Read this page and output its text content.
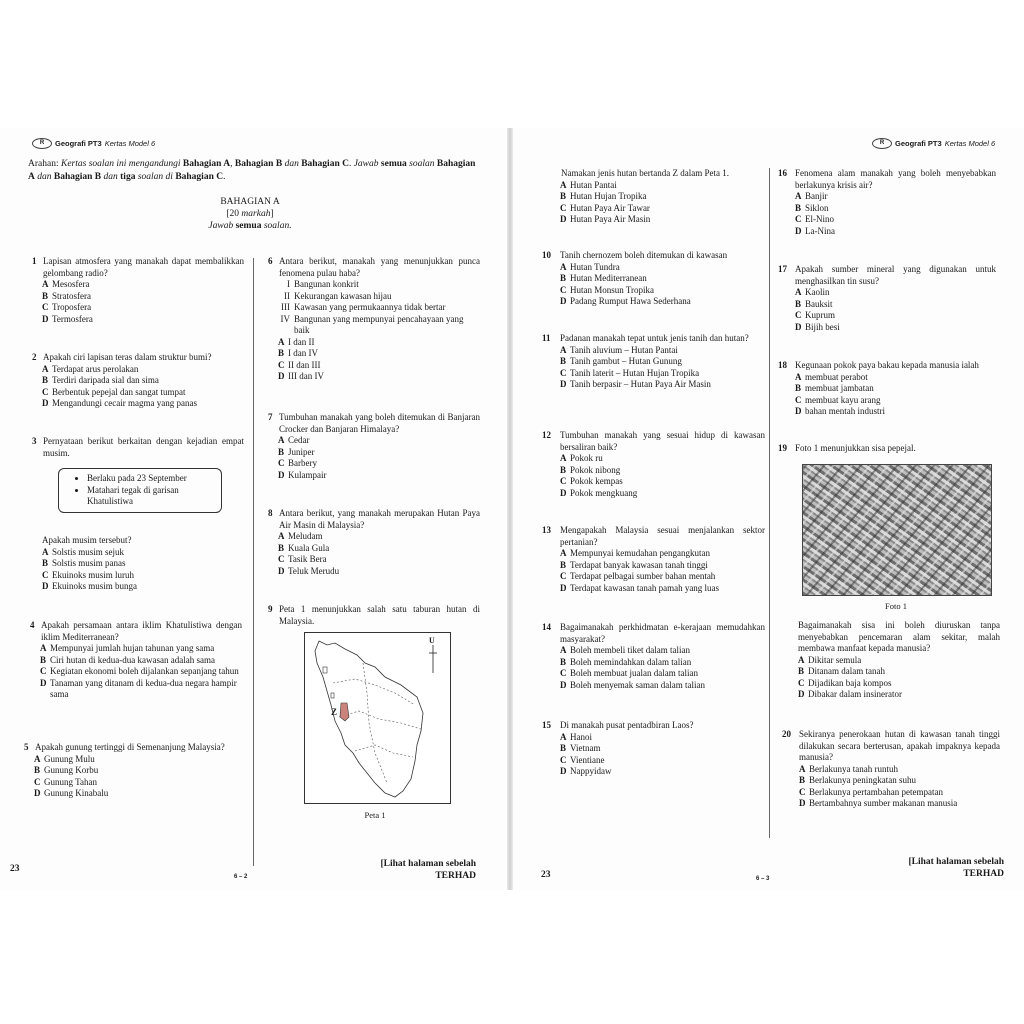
R	Geografi PT3 Kertas Model 6	R	Geografi PT3 Kertas Model 6
Arahan: Kertas soalan ini mengandungi Bahagian A, Bahagian B dan Bahagian C. Jawab semua soalan Bahagian A dan Bahagian B dan tiga soalan di Bahagian C.
BAHAGIAN A
[20 markah]
Jawab semua soalan.
1 Lapisan atmosfera yang manakah dapat membalikkan gelombang radio?
A Mesosfera
B Stratosfera
C Troposfera
D Termosfera
2 Apakah ciri lapisan teras dalam struktur bumi?
A Terdapat arus perolakan
B Terdiri daripada sial dan sima
C Berbentuk pepejal dan sangat tumpat
D Mengandungi cecair magma yang panas
3 Pernyataan berikut berkaitan dengan kejadian empat musim.
• Berlaku pada 23 September
• Matahari tegak di garisan Khatulistiwa
Apakah musim tersebut?
A Solstis musim sejuk
B Solstis musim panas
C Ekuinoks musim luruh
D Ekuinoks musim bunga
4 Apakah persamaan antara iklim Khatulistiwa dengan iklim Mediterranean?
A Mempunyai jumlah hujan tahunan yang sama
B Ciri hutan di kedua-dua kawasan adalah sama
C Kegiatan ekonomi boleh dijalankan sepanjang tahun
D Tanaman yang ditanam di kedua-dua negara hampir sama
5 Apakah gunung tertinggi di Semenanjung Malaysia?
A Gunung Mulu
B Gunung Korbu
C Gunung Tahan
D Gunung Kinabalu
6 Antara berikut, manakah yang menunjukkan punca fenomena pulau haba?
I Bangunan konkrit
II Kekurangan kawasan hijau
III Kawasan yang permukaannya tidak bertar
IV Bangunan yang mempunyai pencahayaan yang baik
A I dan II
B I dan IV
C II dan III
D III dan IV
7 Tumbuhan manakah yang boleh ditemukan di Banjaran Crocker dan Banjaran Himalaya?
A Cedar
B Juniper
C Barbery
D Kulampair
8 Antara berikut, yang manakah merupakan Hutan Paya Air Masin di Malaysia?
A Meludam
B Kuala Gula
C Tasik Bera
D Teluk Merudu
9 Peta 1 menunjukkan salah satu taburan hutan di Malaysia.
U
Z
Peta 1
Namakan jenis hutan bertanda Z dalam Peta 1.
A Hutan Pantai
B Hutan Hujan Tropika
C Hutan Paya Air Tawar
D Hutan Paya Air Masin
10	Tanih chernozem boleh ditemukan di kawasan
A Hutan Tundra
B Hutan Mediterranean
C Hutan Monsun Tropika
D Padang Rumput Hawa Sederhana
11	Padanan manakah tepat untuk jenis tanih dan hutan?
A Tanih aluvium – Hutan Pantai
B Tanih gambut – Hutan Gunung
C Tanih laterit – Hutan Hujan Tropika
D Tanih berpasir – Hutan Paya Air Masin
12	Tumbuhan manakah yang sesuai hidup di kawasan bersaliran baik?
A Pokok ru
B Pokok nibong
C Pokok kempas
D Pokok mengkuang
13	Mengapakah Malaysia sesuai menjalankan sektor pertanian?
A Mempunyai kemudahan pengangkutan
B Terdapat banyak kawasan tanah tinggi
C Terdapat pelbagai sumber bahan mentah
D Terdapat kawasan tanah pamah yang luas
14	Bagaimanakah perkhidmatan e-kerajaan memudahkan masyarakat?
A Boleh membeli tiket dalam talian
B Boleh memindahkan dalam talian
C Boleh membuat jualan dalam talian
D Boleh menyemak saman dalam talian
15	Di manakah pusat pentadbiran Laos?
A Hanoi
B Vietnam
C Vientiane
D Nappyidaw
16 Fenomena alam manakah yang boleh menyebabkan berlakunya krisis air?
A Banjir
B Siklon
C El-Nino
D La-Nina
17 Apakah sumber mineral yang digunakan untuk menghasilkan tin susu?
A Kaolin
B Bauksit
C Kuprum
D Bijih besi
18 Kegunaan pokok paya bakau kepada manusia ialah
A membuat perabot
B membuat jambatan
C membuat kayu arang
D bahan mentah industri
19 Foto 1 menunjukkan sisa pepejal.
Foto 1
Bagaimanakah sisa ini boleh diuruskan tanpa menyebabkan pencemaran alam sekitar, malah membawa manfaat kepada manusia?
A Dikitar semula
B Ditanam dalam tanah
C Dijadikan baja kompos
D Dibakar dalam insinerator
20 Sekiranya penerokaan hutan di kawasan tanah tinggi dilakukan secara berterusan, apakah impaknya kepada manusia?
A Berlakunya tanah runtuh
B Berlakunya peningkatan suhu
C Berlakunya pertambahan petempatan
D Bertambahnya sumber makanan manusia
23
6 – 2
[Lihat halaman sebelah
TERHAD	23	6 – 3
[Lihat halaman sebelah
TERHAD
